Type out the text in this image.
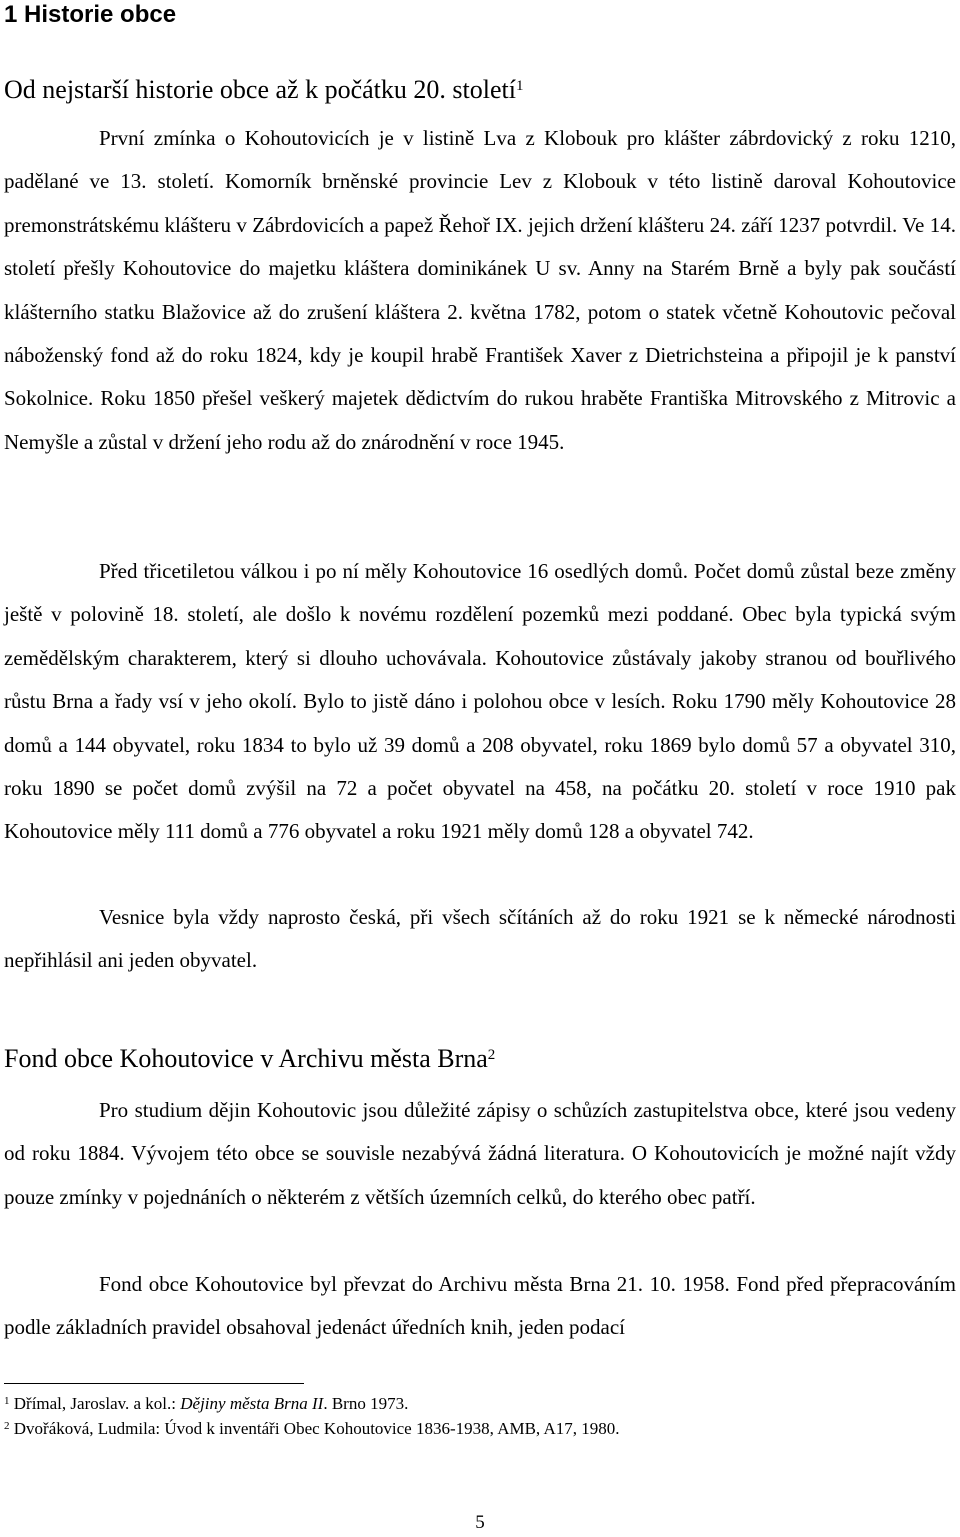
1 Historie obce
Od nejstarší historie obce až k počátku 20. století$^1$

První zmínka o Kohoutovicích je v listině Lva z Klobouk pro klášter zábrdovický z roku 1210, padělané ve 13. století. Komorník brněnské provincie Lev z Klobouk v této listině daroval Kohoutovice premonstrátskému klášteru v Zábrdovicích a papež Řehoř IX. jejich držení klášteru 24. září 1237 potvrdil. Ve 14. století přešly Kohoutovice do majetku kláštera dominikánek U sv. Anny na Starém Brně a byly pak součástí klášterního statku Blažovice až do zrušení kláštera 2. května 1782, potom o statek včetně Kohoutovic pečoval náboženský fond až do roku 1824, kdy je koupil hrabě František Xaver z Dietrichsteina a připojil je k panství Sokolnice. Roku 1850 přešel veškerý majetek dědictvím do rukou hraběte Františka Mitrovského z Mitrovic a Nemyšle a zůstal v držení jeho rodu až do znárodnění v roce 1945.

Před třicetiletou válkou i po ní měly Kohoutovice 16 osedlých domů. Počet domů zůstal beze změny ještě v polovině 18. století, ale došlo k novému rozdělení pozemků mezi poddané. Obec byla typická svým zemědělským charakterem, který si dlouho uchovávala. Kohoutovice zůstávaly jakoby stranou od bouřlivého růstu Brna a řady vsí v jeho okolí. Bylo to jistě dáno i polohou obce v lesích. Roku 1790 měly Kohoutovice 28 domů a 144 obyvatel, roku 1834 to bylo už 39 domů a 208 obyvatel, roku 1869 bylo domů 57 a obyvatel 310, roku 1890 se počet domů zvýšil na 72 a počet obyvatel na 458, na počátku 20. století v roce 1910 pak Kohoutovice měly 111 domů a 776 obyvatel a roku 1921 měly domů 128 a obyvatel 742.

Vesnice byla vždy naprosto česká, při všech sčítáních až do roku 1921 se k německé národnosti nepřihlásil ani jeden obyvatel.

Fond obce Kohoutovice v Archivu města Brna$^2$

Pro studium dějin Kohoutovic jsou důležité zápisy o schůzích zastupitelstva obce, které jsou vedeny od roku 1884. Vývojem této obce se souvisle nezabývá žádná literatura. O Kohoutovicích je možné najít vždy pouze zmínky v pojednáních o některém z větších územních celků, do kterého obec patří.

Fond obce Kohoutovice byl převzat do Archivu města Brna 21. 10. 1958. Fond před přepracováním podle základních pravidel obsahoval jedenáct úředních knih, jeden podací

$^1$ Dřímal, Jaroslav. a kol.: Dějiny města Brna II. Brno 1973.

$^2$ Dvořáková, Ludmila: Úvod k inventáři Obec Kohoutovice 1836-1938, AMB, A17, 1980.

5
